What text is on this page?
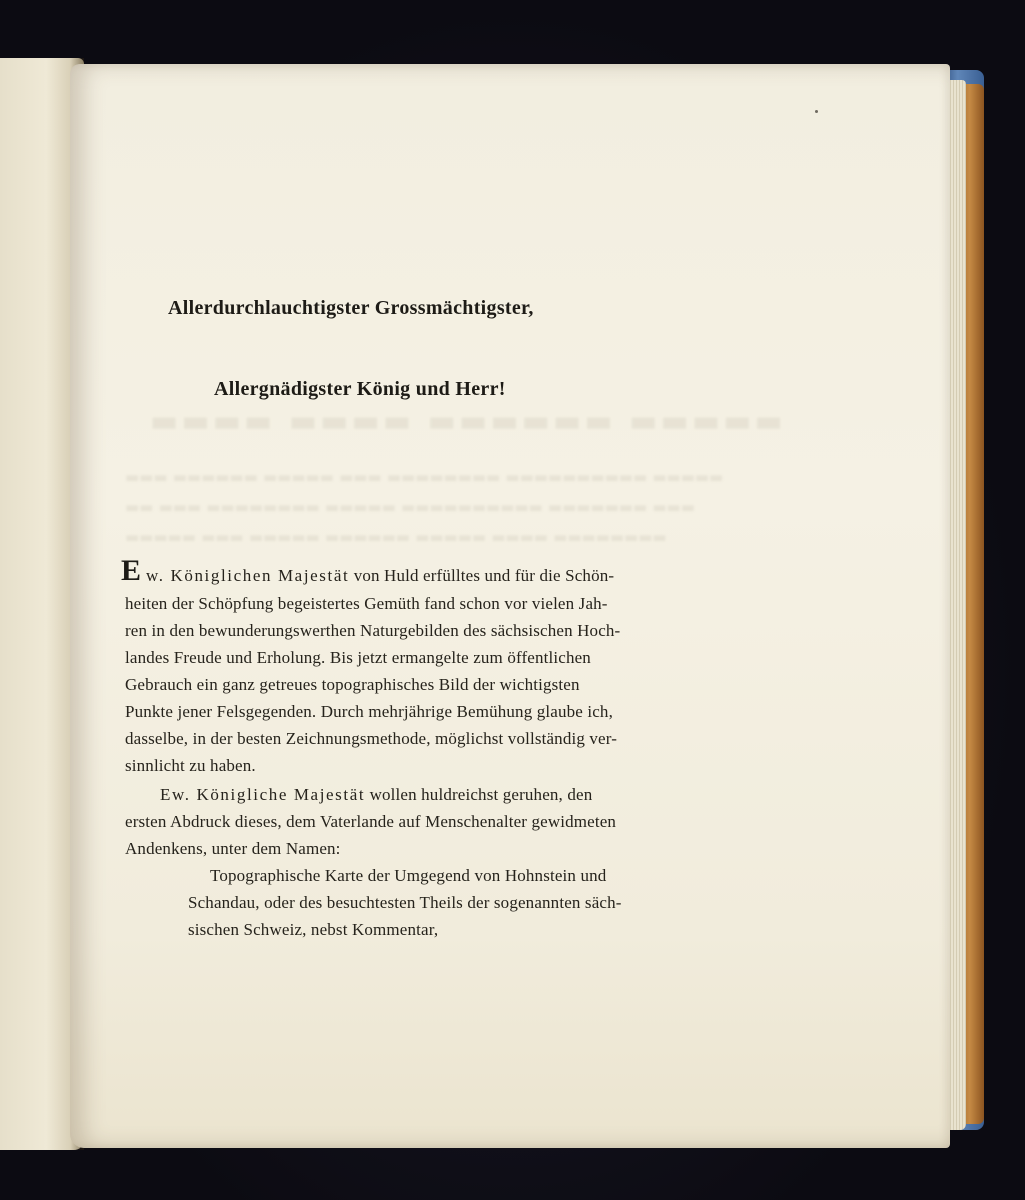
▬▬▬▬ ▬▬▬▬ ▬▬▬▬▬▬ ▬▬▬▬▬
▬▬▬ ▬▬▬▬▬▬ ▬▬▬▬▬ ▬▬▬ ▬▬▬▬▬▬▬▬ ▬▬▬▬▬▬▬▬▬▬ ▬▬▬▬▬
▬▬ ▬▬▬ ▬▬▬▬▬▬▬▬ ▬▬▬▬▬ ▬▬▬▬▬▬▬▬▬▬ ▬▬▬▬▬▬▬ ▬▬▬
▬▬▬▬▬ ▬▬▬ ▬▬▬▬▬ ▬▬▬▬▬▬ ▬▬▬▬▬ ▬▬▬▬ ▬▬▬▬▬▬▬▬
Allerdurchlauchtigster Grossmächtigster,
Allergnädigster König und Herr!
E w. Königlichen Majestät von Huld erfülltes und für die Schön-
heiten der Schöpfung begeistertes Gemüth fand schon vor vielen Jah-
ren in den bewunderungswerthen Naturgebilden des sächsischen Hoch-
landes Freude und Erholung. Bis jetzt ermangelte zum öffentlichen
Gebrauch ein ganz getreues topographisches Bild der wichtigsten
Punkte jener Felsgegenden. Durch mehrjährige Bemühung glaube ich,
dasselbe, in der besten Zeichnungsmethode, möglichst vollständig ver-
sinnlicht zu haben.
Ew. Königliche Majestät wollen huldreichst geruhen, den
ersten Abdruck dieses, dem Vaterlande auf Menschenalter gewidmeten
Andenkens, unter dem Namen:
Topographische Karte der Umgegend von Hohnstein und
Schandau, oder des besuchtesten Theils der sogenannten säch-
sischen Schweiz, nebst Kommentar,
